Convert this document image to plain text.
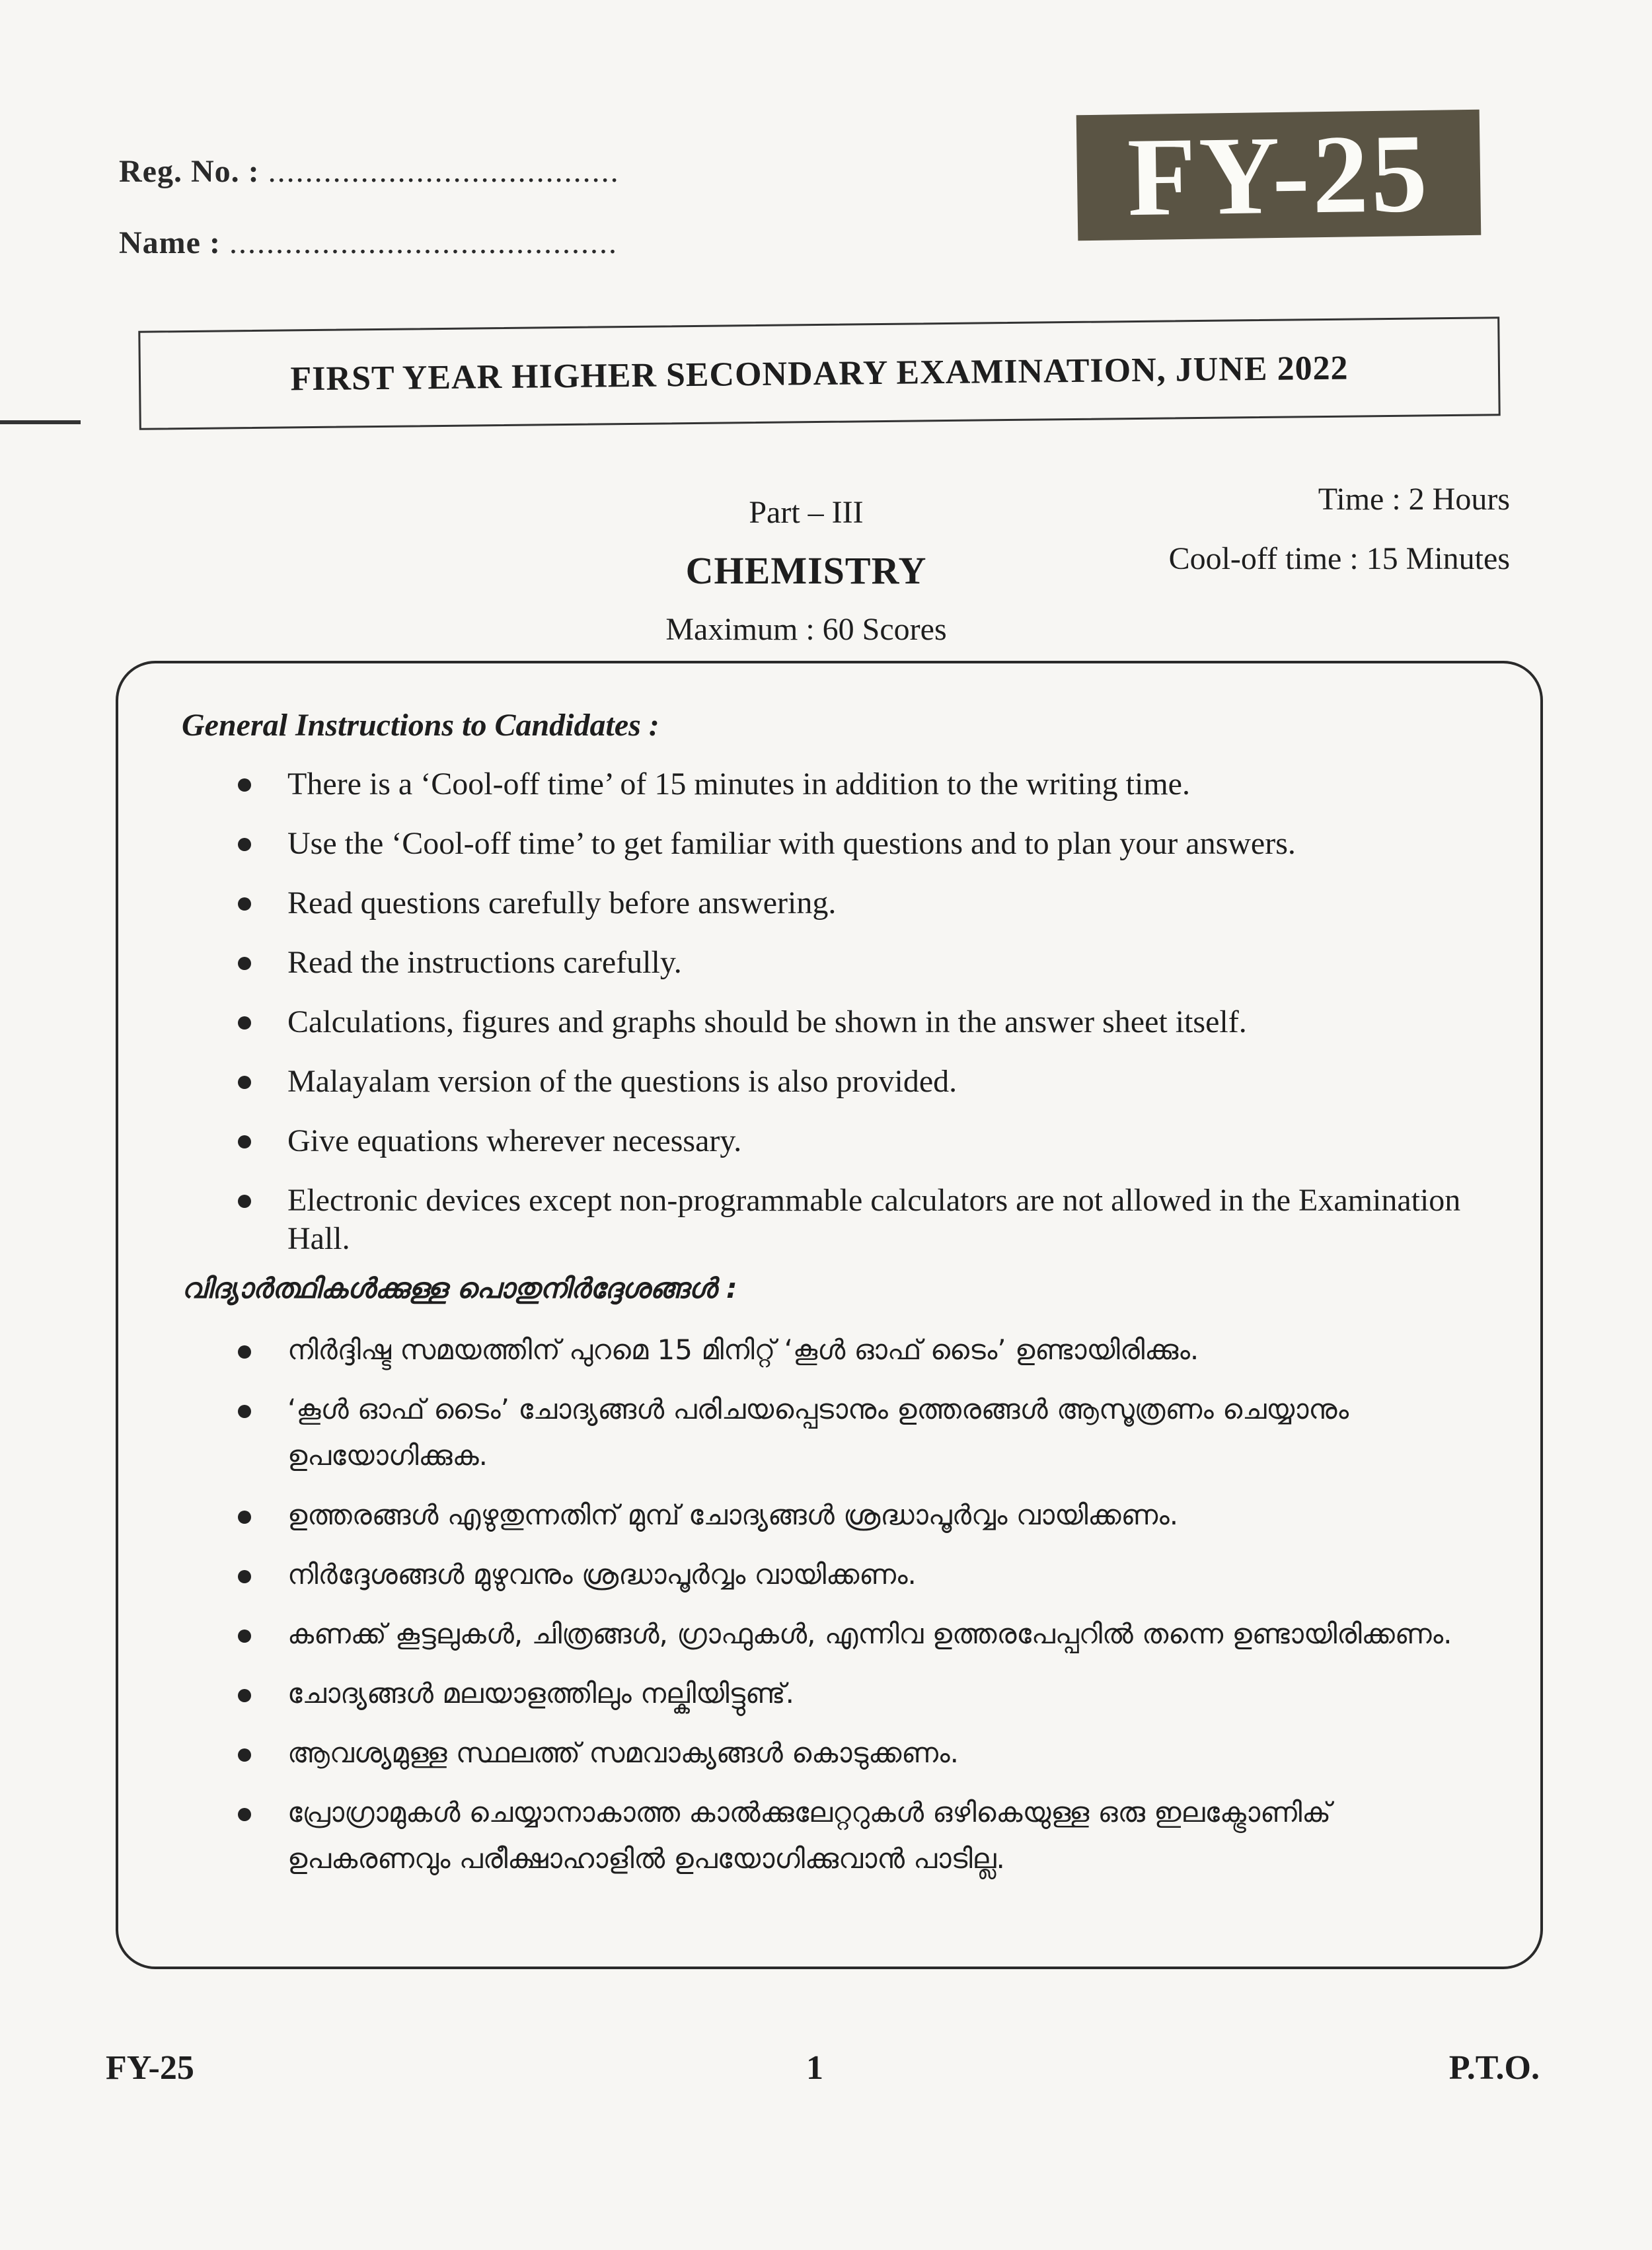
Reg. No. : ......................................
Name : ..........................................
FY-25
FIRST YEAR HIGHER SECONDARY EXAMINATION, JUNE 2022
Part – III
CHEMISTRY
Maximum : 60 Scores
Time : 2 Hours
Cool-off time : 15 Minutes
General Instructions to Candidates :
There is a ‘Cool-off time’ of 15 minutes in addition to the writing time.
Use the ‘Cool-off time’ to get familiar with questions and to plan your answers.
Read questions carefully before answering.
Read the instructions carefully.
Calculations, figures and graphs should be shown in the answer sheet itself.
Malayalam version of the questions is also provided.
Give equations wherever necessary.
Electronic devices except non-programmable calculators are not allowed in the Examination Hall.
വിദ്യാർത്ഥികൾക്കുള്ള പൊതുനിർദ്ദേശങ്ങൾ :
നിർദ്ദിഷ്ട സമയത്തിന് പുറമെ 15 മിനിറ്റ് ‘കൂൾ ഓഫ് ടൈം’ ഉണ്ടായിരിക്കും.
‘കൂൾ ഓഫ് ടൈം’ ചോദ്യങ്ങൾ പരിചയപ്പെടാനും ഉത്തരങ്ങൾ ആസൂത്രണം ചെയ്യാനും ഉപയോഗിക്കുക.
ഉത്തരങ്ങൾ എഴുതുന്നതിന് മുമ്പ് ചോദ്യങ്ങൾ ശ്രദ്ധാപൂർവ്വം വായിക്കണം.
നിർദ്ദേശങ്ങൾ മുഴുവനും ശ്രദ്ധാപൂർവ്വം വായിക്കണം.
കണക്ക് കൂട്ടലുകൾ, ചിത്രങ്ങൾ, ഗ്രാഫുകൾ, എന്നിവ ഉത്തരപേപ്പറിൽ തന്നെ ഉണ്ടായിരിക്കണം.
ചോദ്യങ്ങൾ മലയാളത്തിലും നല്കിയിട്ടുണ്ട്.
ആവശ്യമുള്ള സ്ഥലത്ത് സമവാക്യങ്ങൾ കൊടുക്കണം.
പ്രോഗ്രാമുകൾ ചെയ്യാനാകാത്ത കാൽക്കുലേറ്ററുകൾ ഒഴികെയുള്ള ഒരു ഇലക്ട്രോണിക് ഉപകരണവും പരീക്ഷാഹാളിൽ ഉപയോഗിക്കുവാൻ പാടില്ല.
FY-25	1	P.T.O.
